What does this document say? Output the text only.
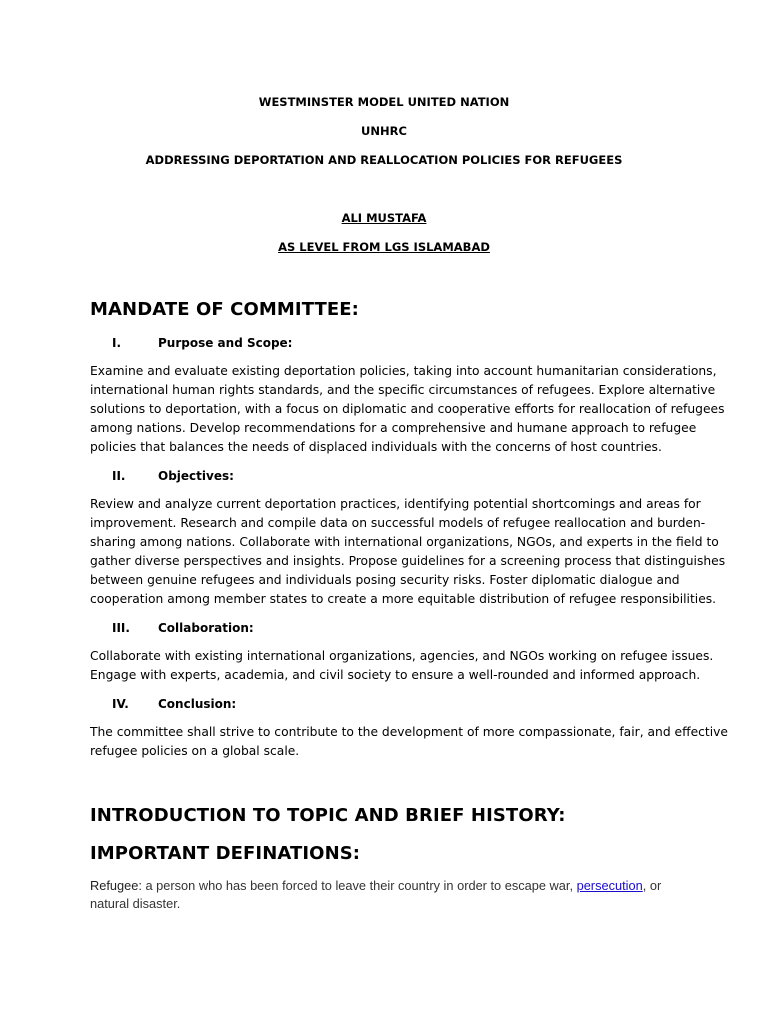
WESTMINSTER MODEL UNITED NATION
UNHRC
ADDRESSING DEPORTATION AND REALLOCATION POLICIES FOR REFUGEES
ALI MUSTAFA
AS LEVEL FROM LGS ISLAMABAD
MANDATE OF COMMITTEE:
I.	Purpose and Scope:
Examine and evaluate existing deportation policies, taking into account humanitarian considerations,
international human rights standards, and the specific circumstances of refugees. Explore alternative
solutions to deportation, with a focus on diplomatic and cooperative efforts for reallocation of refugees
among nations. Develop recommendations for a comprehensive and humane approach to refugee
policies that balances the needs of displaced individuals with the concerns of host countries.
II.	Objectives:
Review and analyze current deportation practices, identifying potential shortcomings and areas for
improvement. Research and compile data on successful models of refugee reallocation and burden-
sharing among nations. Collaborate with international organizations, NGOs, and experts in the field to
gather diverse perspectives and insights. Propose guidelines for a screening process that distinguishes
between genuine refugees and individuals posing security risks. Foster diplomatic dialogue and
cooperation among member states to create a more equitable distribution of refugee responsibilities.
III. Collaboration:
Collaborate with existing international organizations, agencies, and NGOs working on refugee issues.
Engage with experts, academia, and civil society to ensure a well-rounded and informed approach.
IV. Conclusion:
The committee shall strive to contribute to the development of more compassionate, fair, and effective
refugee policies on a global scale.
INTRODUCTION TO TOPIC AND BRIEF HISTORY:
IMPORTANT DEFINATIONS:
Refugee: a person who has been forced to leave their country in order to escape war, persecution, or
natural disaster.
